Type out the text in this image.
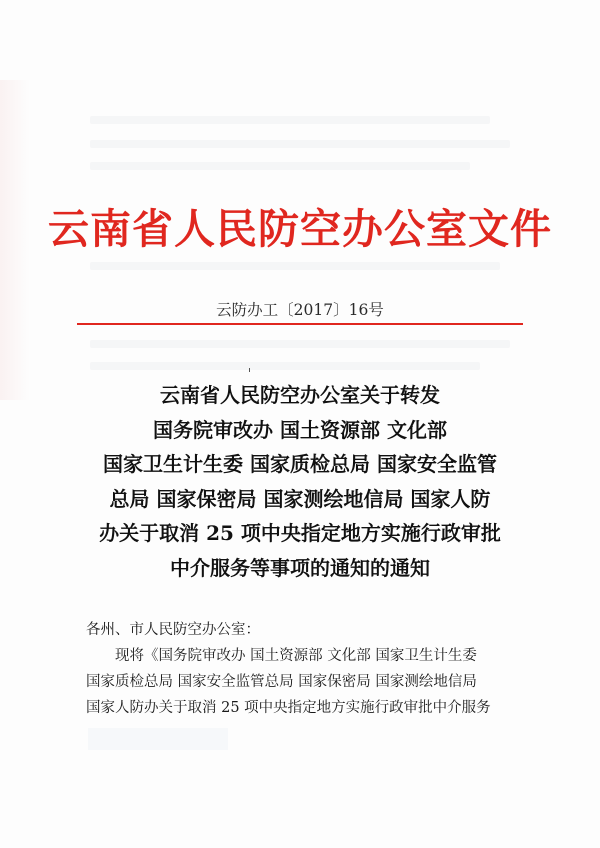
云南省人民防空办公室文件
云防办工〔2017〕16号
云南省人民防空办公室关于转发
国务院审改办 国土资源部 文化部
国家卫生计生委 国家质检总局 国家安全监管
总局 国家保密局 国家测绘地信局 国家人防
办关于取消 25 项中央指定地方实施行政审批
中介服务等事项的通知的通知
各州、市人民防空办公室：
现将《国务院审改办 国土资源部 文化部 国家卫生计生委
国家质检总局 国家安全监管总局 国家保密局 国家测绘地信局
国家人防办关于取消 25 项中央指定地方实施行政审批中介服务
